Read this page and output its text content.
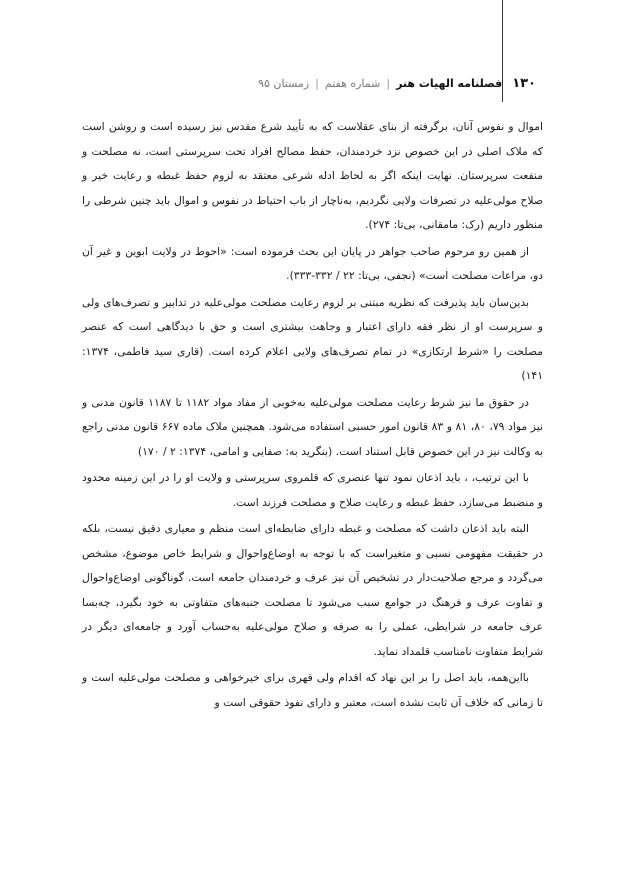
۱۳۰
فصلنامه الهیات هنر
|
شماره هفتم
|
زمستان ۹۵

اموال و نفوس آنان، برگرفته از بنای عقلاست که به تأیید شرع مقدس نیز رسیده است و روشن است که ملاک اصلی در این خصوص نزد خردمندان، حفظ مصالح افراد تحت سرپرستی است، نه مصلحت و منفعت سرپرستان. نهایت اینکه اگر به لحاظ ادله شرعی معتقد به لزوم حفظ غبطه و رعایت خیر و صلاح مولی‌علیه در تصرفات ولایی نگردیم، به‌ناچار از باب احتیاط در نفوس و اموال باید چنین شرطی را منظور داریم (رک: مامقانی، بی‌تا: ۲۷۴).

از همین رو مرحوم صاحب جواهر در پایان این بحث فرموده است: «احوط در ولایت ابوین و غیر آن دو، مراعات مصلحت است» (نجفی، بی‌تا: ۲۲ / ۳۳۲-۳۳۳).

بدین‌سان باید پذیرفت که نظریه مبتنی بر لزوم رعایت مصلحت مولی‌علیه در تدابیر و تصرف‌های ولی و سرپرست او از نظر فقه دارای اعتبار و وجاهت بیشتری است و حق با دیدگاهی است که عنصر مصلحت را «شرط ارتکازی» در تمام تصرف‌های ولایی اعلام کرده است. (قاری سید فاطمی، ۱۳۷۴: ۱۴۱)

در حقوق ما نیز شرط رعایت مصلحت مولی‌علیه به‌خوبی از مفاد مواد ۱۱۸۲ تا ۱۱۸۷ قانون مدنی و نیز مواد ۷۹، ۸۰، ۸۱ و ۸۳ قانون امور حسبی استفاده می‌شود. همچنین ملاک ماده ۶۶۷ قانون مدنی راجع به وکالت نیز در این خصوص قابل استناد است. (بنگرید به: صفایی و امامی، ۱۳۷۴: ۲ / ۱۷۰)

با این ترتیب، ، باید اذعان نمود تنها عنصری که قلمروی سرپرستی و ولایت او را در این زمینه محدود و منضبط می‌سازد، حفظ غبطه و رعایت صلاح و مصلحت فرزند است.

البته باید اذعان داشت که مصلحت و غبطه دارای ضابطه‌ای است منظم و معیاری دقیق نیست، بلکه در حقیقت مفهومی نسبی و متغیراست که با توجه به اوضاع‌واحوال و شرایط خاص موضوع، مشخص می‌گردد و مرجع صلاحیت‌دار در تشخیص آن نیز عرف و خردمندان جامعه است. گوناگونی اوضاع‌واحوال و تفاوت عرف و فرهنگ در جوامع سبب می‌شود تا مصلحت جنبه‌های متفاوتی به خود بگیرد، چه‌بسا عرف جامعه در شرایطی، عملی را به صرفه و صلاح مولی‌علیه به‌حساب آورد و جامعه‌ای دیگر در شرایط متفاوت نامناسب قلمداد نماید.

بااین‌همه، باید اصل را بر این نهاد که اقدام ولی قهری برای خیرخواهی و مصلحت مولی‌علیه است و تا زمانی که خلاف آن ثابت نشده است، معتبر و دارای نفوذ حقوقی است و
